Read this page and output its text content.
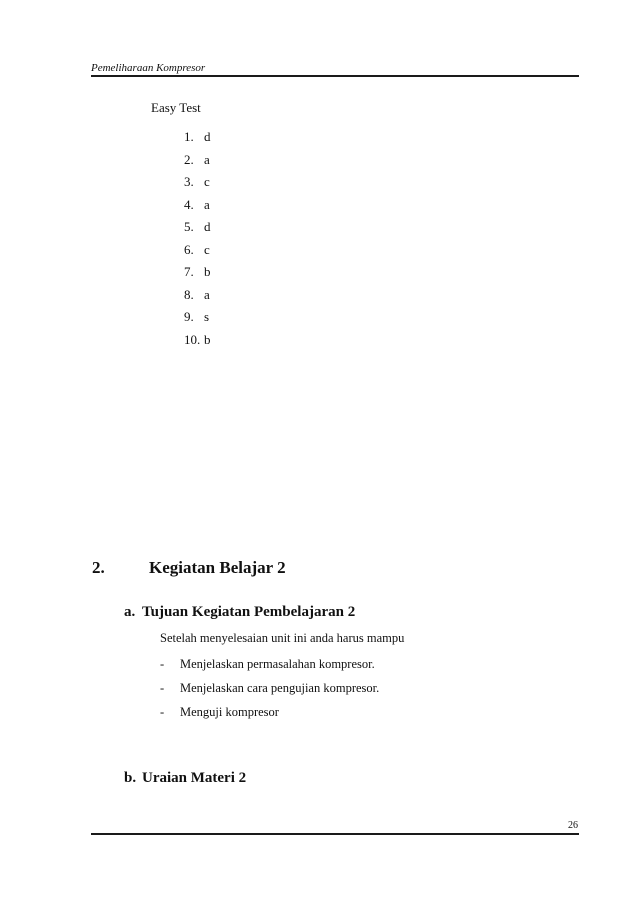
Pemeliharaan Kompresor
Easy Test
1. d
2. a
3. c
4. a
5. d
6. c
7. b
8. a
9. s
10. b
2.	Kegiatan Belajar 2
a. Tujuan Kegiatan Pembelajaran 2
Setelah menyelesaian unit ini anda harus mampu
- Menjelaskan permasalahan kompresor.
- Menjelaskan cara pengujian kompresor.
- Menguji kompresor
b. Uraian Materi 2
26
